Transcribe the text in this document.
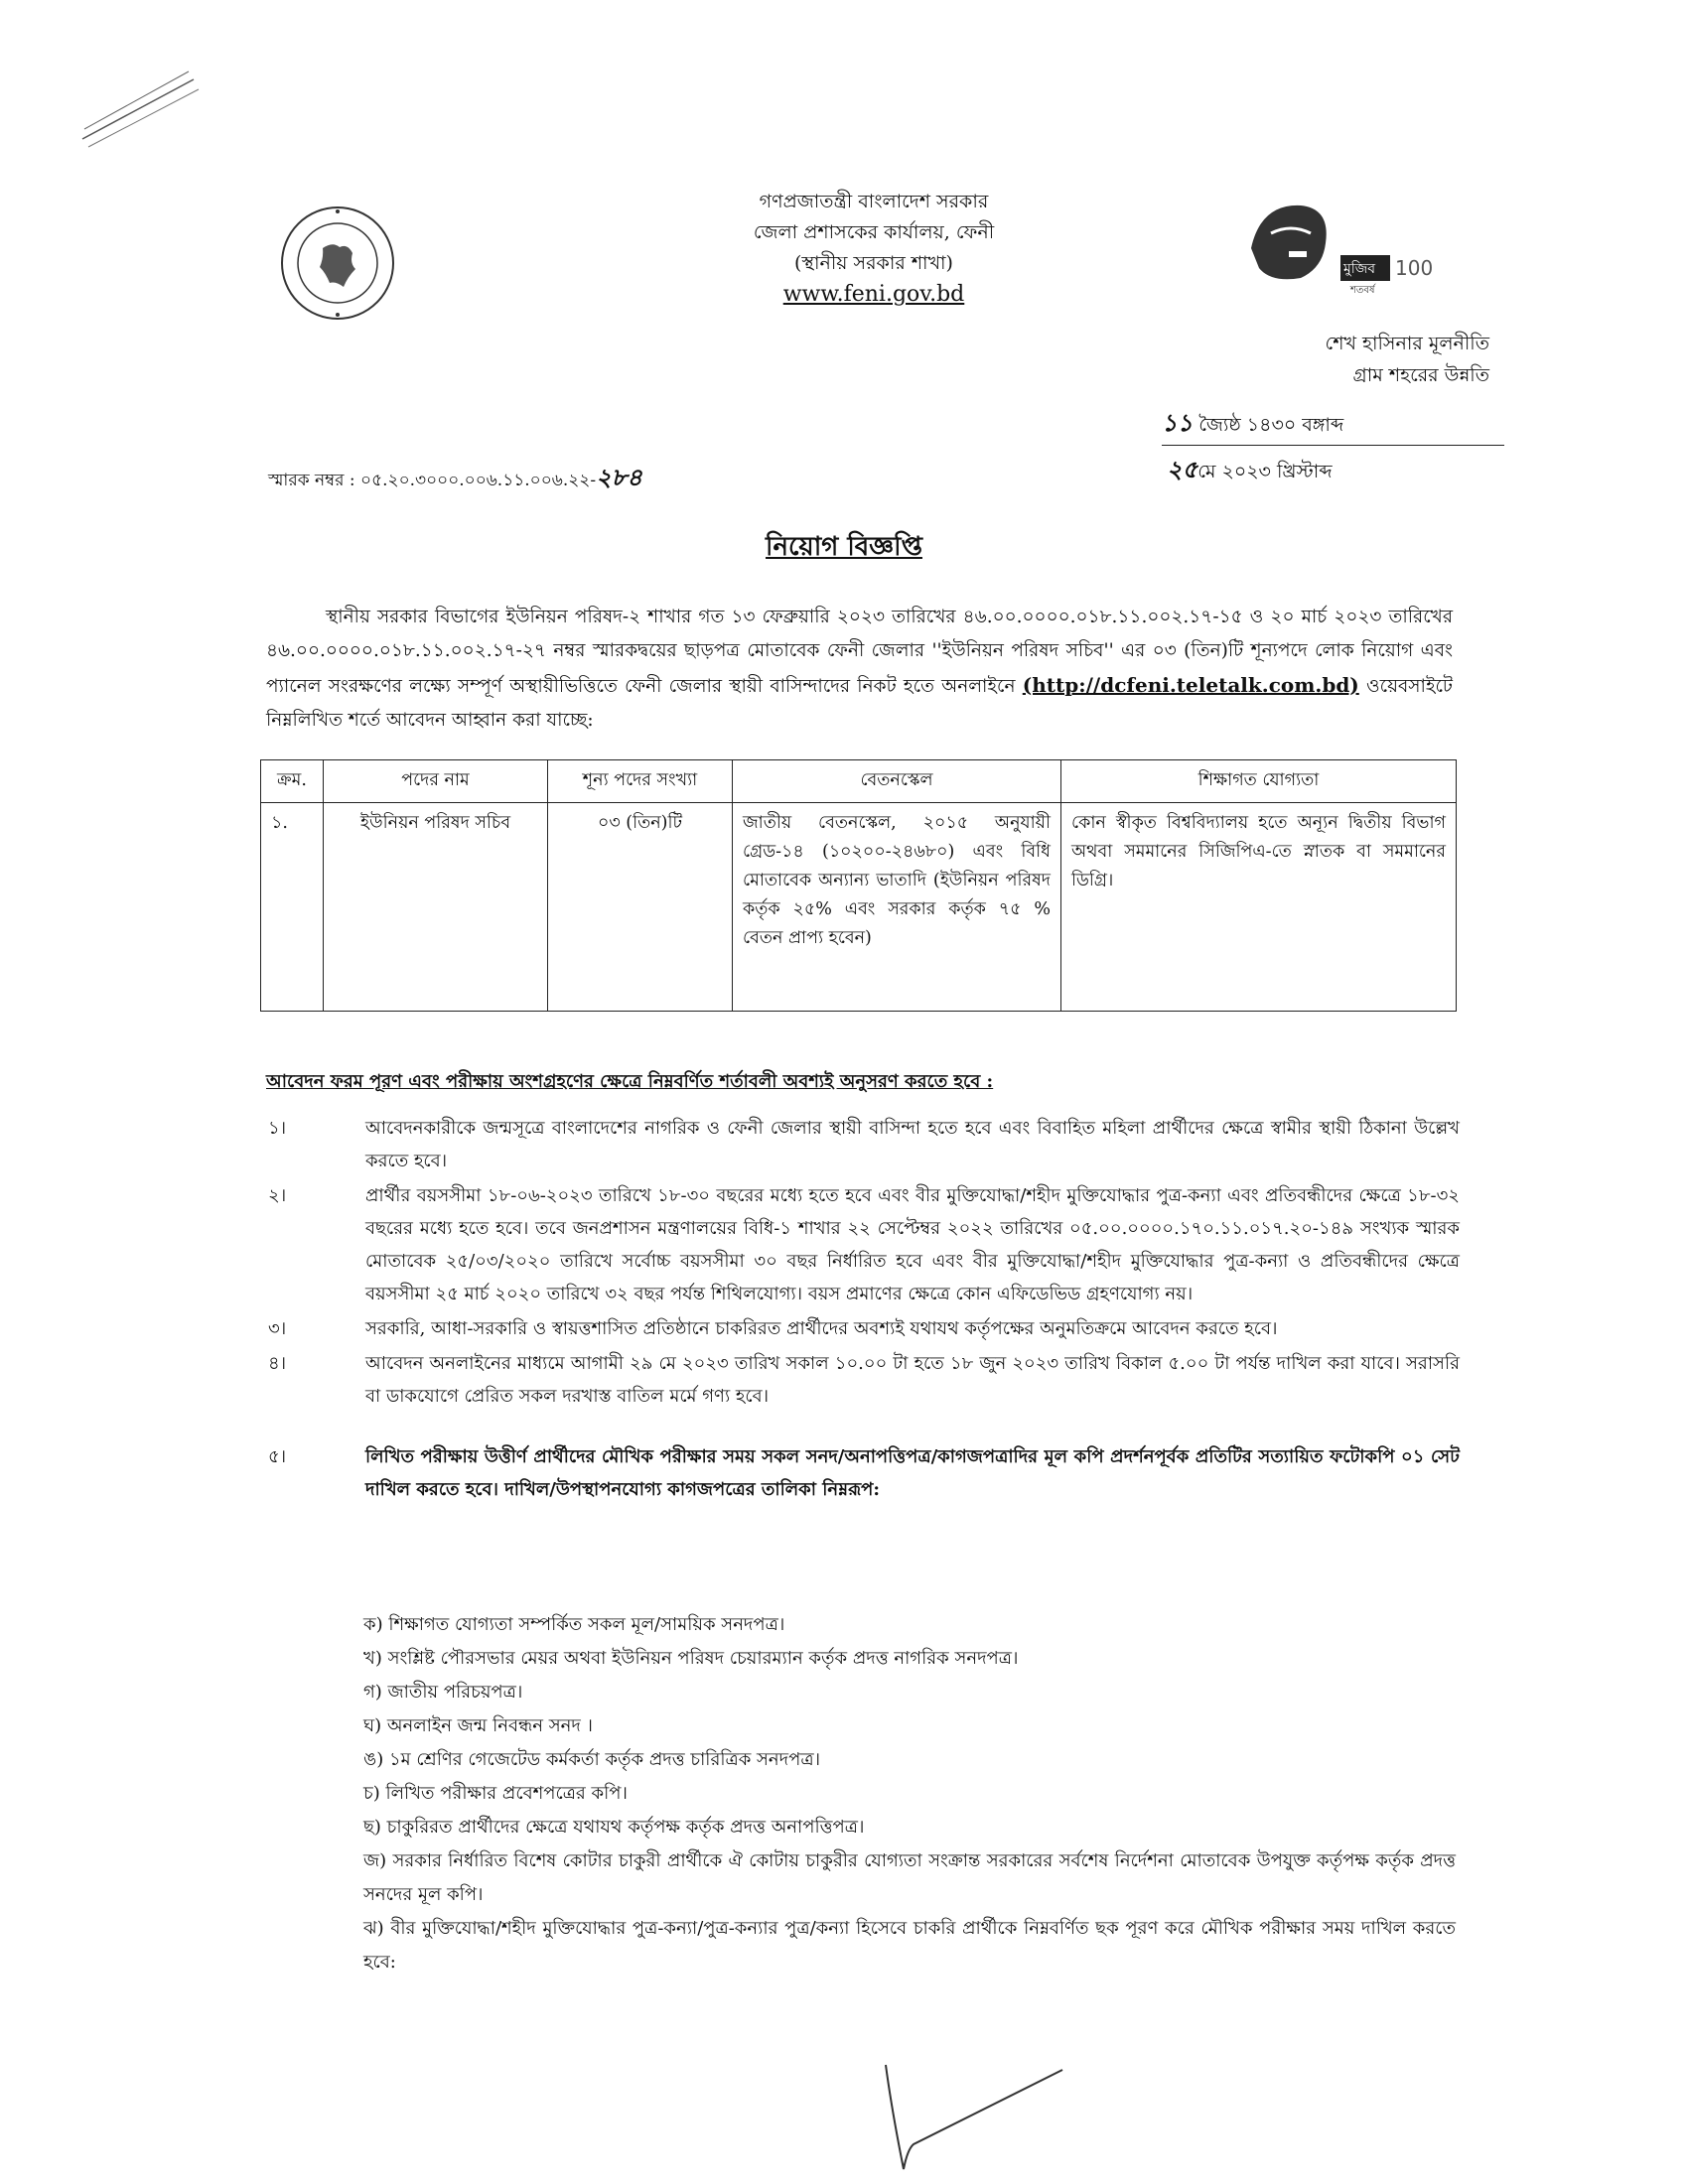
গণপ্রজাতন্ত্রী বাংলাদেশ সরকার
জেলা প্রশাসকের কার্যালয়, ফেনী
(স্থানীয় সরকার শাখা)
www.feni.gov.bd
মুজিব 100
শতবর্ষ
শেখ হাসিনার মূলনীতি
গ্রাম শহরের উন্নতি
১১ জ্যৈষ্ঠ ১৪৩০ বঙ্গাব্দ
২৫মে ২০২৩ খ্রিস্টাব্দ
স্মারক নম্বর : ০৫.২০.৩০০০.০০৬.১১.০০৬.২২-২৮৪
নিয়োগ বিজ্ঞপ্তি
স্থানীয় সরকার বিভাগের ইউনিয়ন পরিষদ-২ শাখার গত ১৩ ফেব্রুয়ারি ২০২৩ তারিখের ৪৬.০০.০০০০.০১৮.১১.০০২.১৭-১৫ ও ২০ মার্চ ২০২৩ তারিখের ৪৬.০০.০০০০.০১৮.১১.০০২.১৭-২৭ নম্বর স্মারকদ্বয়ের ছাড়পত্র মোতাবেক ফেনী জেলার ''ইউনিয়ন পরিষদ সচিব'' এর ০৩ (তিন)টি শূন্যপদে লোক নিয়োগ এবং প্যানেল সংরক্ষণের লক্ষ্যে সম্পূর্ণ অস্থায়ীভিত্তিতে ফেনী জেলার স্থায়ী বাসিন্দাদের নিকট হতে অনলাইনে (http://dcfeni.teletalk.com.bd) ওয়েবসাইটে নিম্নলিখিত শর্তে আবেদন আহ্বান করা যাচ্ছে:
ক্রম.	পদের নাম	শূন্য পদের সংখ্যা	বেতনস্কেল	শিক্ষাগত যোগ্যতা
১.	ইউনিয়ন পরিষদ সচিব	০৩ (তিন)টি	জাতীয় বেতনস্কেল, ২০১৫ অনুযায়ী গ্রেড-১৪ (১০২০০-২৪৬৮০) এবং বিধি মোতাবেক অন্যান্য ভাতাদি (ইউনিয়ন পরিষদ কর্তৃক ২৫% এবং সরকার কর্তৃক ৭৫ % বেতন প্রাপ্য হবেন)	কোন স্বীকৃত বিশ্ববিদ্যালয় হতে অন্যূন দ্বিতীয় বিভাগ অথবা সমমানের সিজিপিএ-তে স্নাতক বা সমমানের ডিগ্রি।
আবেদন ফরম পূরণ এবং পরীক্ষায় অংশগ্রহণের ক্ষেত্রে নিম্নবর্ণিত শর্তাবলী অবশ্যই অনুসরণ করতে হবে :
১।	আবেদনকারীকে জন্মসূত্রে বাংলাদেশের নাগরিক ও ফেনী জেলার স্থায়ী বাসিন্দা হতে হবে এবং বিবাহিত মহিলা প্রার্থীদের ক্ষেত্রে স্বামীর স্থায়ী ঠিকানা উল্লেখ করতে হবে।
২।	প্রার্থীর বয়সসীমা ১৮-০৬-২০২৩ তারিখে ১৮-৩০ বছরের মধ্যে হতে হবে এবং বীর মুক্তিযোদ্ধা/শহীদ মুক্তিযোদ্ধার পুত্র-কন্যা এবং প্রতিবন্ধীদের ক্ষেত্রে ১৮-৩২ বছরের মধ্যে হতে হবে। তবে জনপ্রশাসন মন্ত্রণালয়ের বিধি-১ শাখার ২২ সেপ্টেম্বর ২০২২ তারিখের ০৫.০০.০০০০.১৭০.১১.০১৭.২০-১৪৯ সংখ্যক স্মারক মোতাবেক ২৫/০৩/২০২০ তারিখে সর্বোচ্চ বয়সসীমা ৩০ বছর নির্ধারিত হবে এবং বীর মুক্তিযোদ্ধা/শহীদ মুক্তিযোদ্ধার পুত্র-কন্যা ও প্রতিবন্ধীদের ক্ষেত্রে বয়সসীমা ২৫ মার্চ ২০২০ তারিখে ৩২ বছর পর্যন্ত শিথিলযোগ্য। বয়স প্রমাণের ক্ষেত্রে কোন এফিডেভিড গ্রহণযোগ্য নয়।
৩।	সরকারি, আধা-সরকারি ও স্বায়ত্তশাসিত প্রতিষ্ঠানে চাকরিরত প্রার্থীদের অবশ্যই যথাযথ কর্তৃপক্ষের অনুমতিক্রমে আবেদন করতে হবে।
৪।	আবেদন অনলাইনের মাধ্যমে আগামী ২৯ মে ২০২৩ তারিখ সকাল ১০.০০ টা হতে ১৮ জুন ২০২৩ তারিখ বিকাল ৫.০০ টা পর্যন্ত দাখিল করা যাবে। সরাসরি বা ডাকযোগে প্রেরিত সকল দরখাস্ত বাতিল মর্মে গণ্য হবে।
৫।	লিখিত পরীক্ষায় উত্তীর্ণ প্রার্থীদের মৌখিক পরীক্ষার সময় সকল সনদ/অনাপত্তিপত্র/কাগজপত্রাদির মূল কপি প্রদর্শনপূর্বক প্রতিটির সত্যায়িত ফটোকপি ০১ সেট দাখিল করতে হবে। দাখিল/উপস্থাপনযোগ্য কাগজপত্রের তালিকা নিম্নরূপ:

ক) শিক্ষাগত যোগ্যতা সম্পর্কিত সকল মূল/সাময়িক সনদপত্র।

খ) সংশ্লিষ্ট পৌরসভার মেয়র অথবা ইউনিয়ন পরিষদ চেয়ারম্যান কর্তৃক প্রদত্ত নাগরিক সনদপত্র।

গ) জাতীয় পরিচয়পত্র।

ঘ) অনলাইন জন্ম নিবন্ধন সনদ ।

ঙ) ১ম শ্রেণির গেজেটেড কর্মকর্তা কর্তৃক প্রদত্ত চারিত্রিক সনদপত্র।

চ) লিখিত পরীক্ষার প্রবেশপত্রের কপি।

ছ) চাকুরিরত প্রার্থীদের ক্ষেত্রে যথাযথ কর্তৃপক্ষ কর্তৃক প্রদত্ত অনাপত্তিপত্র।

জ) সরকার নির্ধারিত বিশেষ কোটার চাকুরী প্রার্থীকে ঐ কোটায় চাকুরীর যোগ্যতা সংক্রান্ত সরকারের সর্বশেষ নির্দেশনা মোতাবেক উপযুক্ত কর্তৃপক্ষ কর্তৃক প্রদত্ত সনদের মূল কপি।

ঝ) বীর মুক্তিযোদ্ধা/শহীদ মুক্তিযোদ্ধার পুত্র-কন্যা/পুত্র-কন্যার পুত্র/কন্যা হিসেবে চাকরি প্রার্থীকে নিম্নবর্ণিত ছক পূরণ করে মৌখিক পরীক্ষার সময় দাখিল করতে হবে:
